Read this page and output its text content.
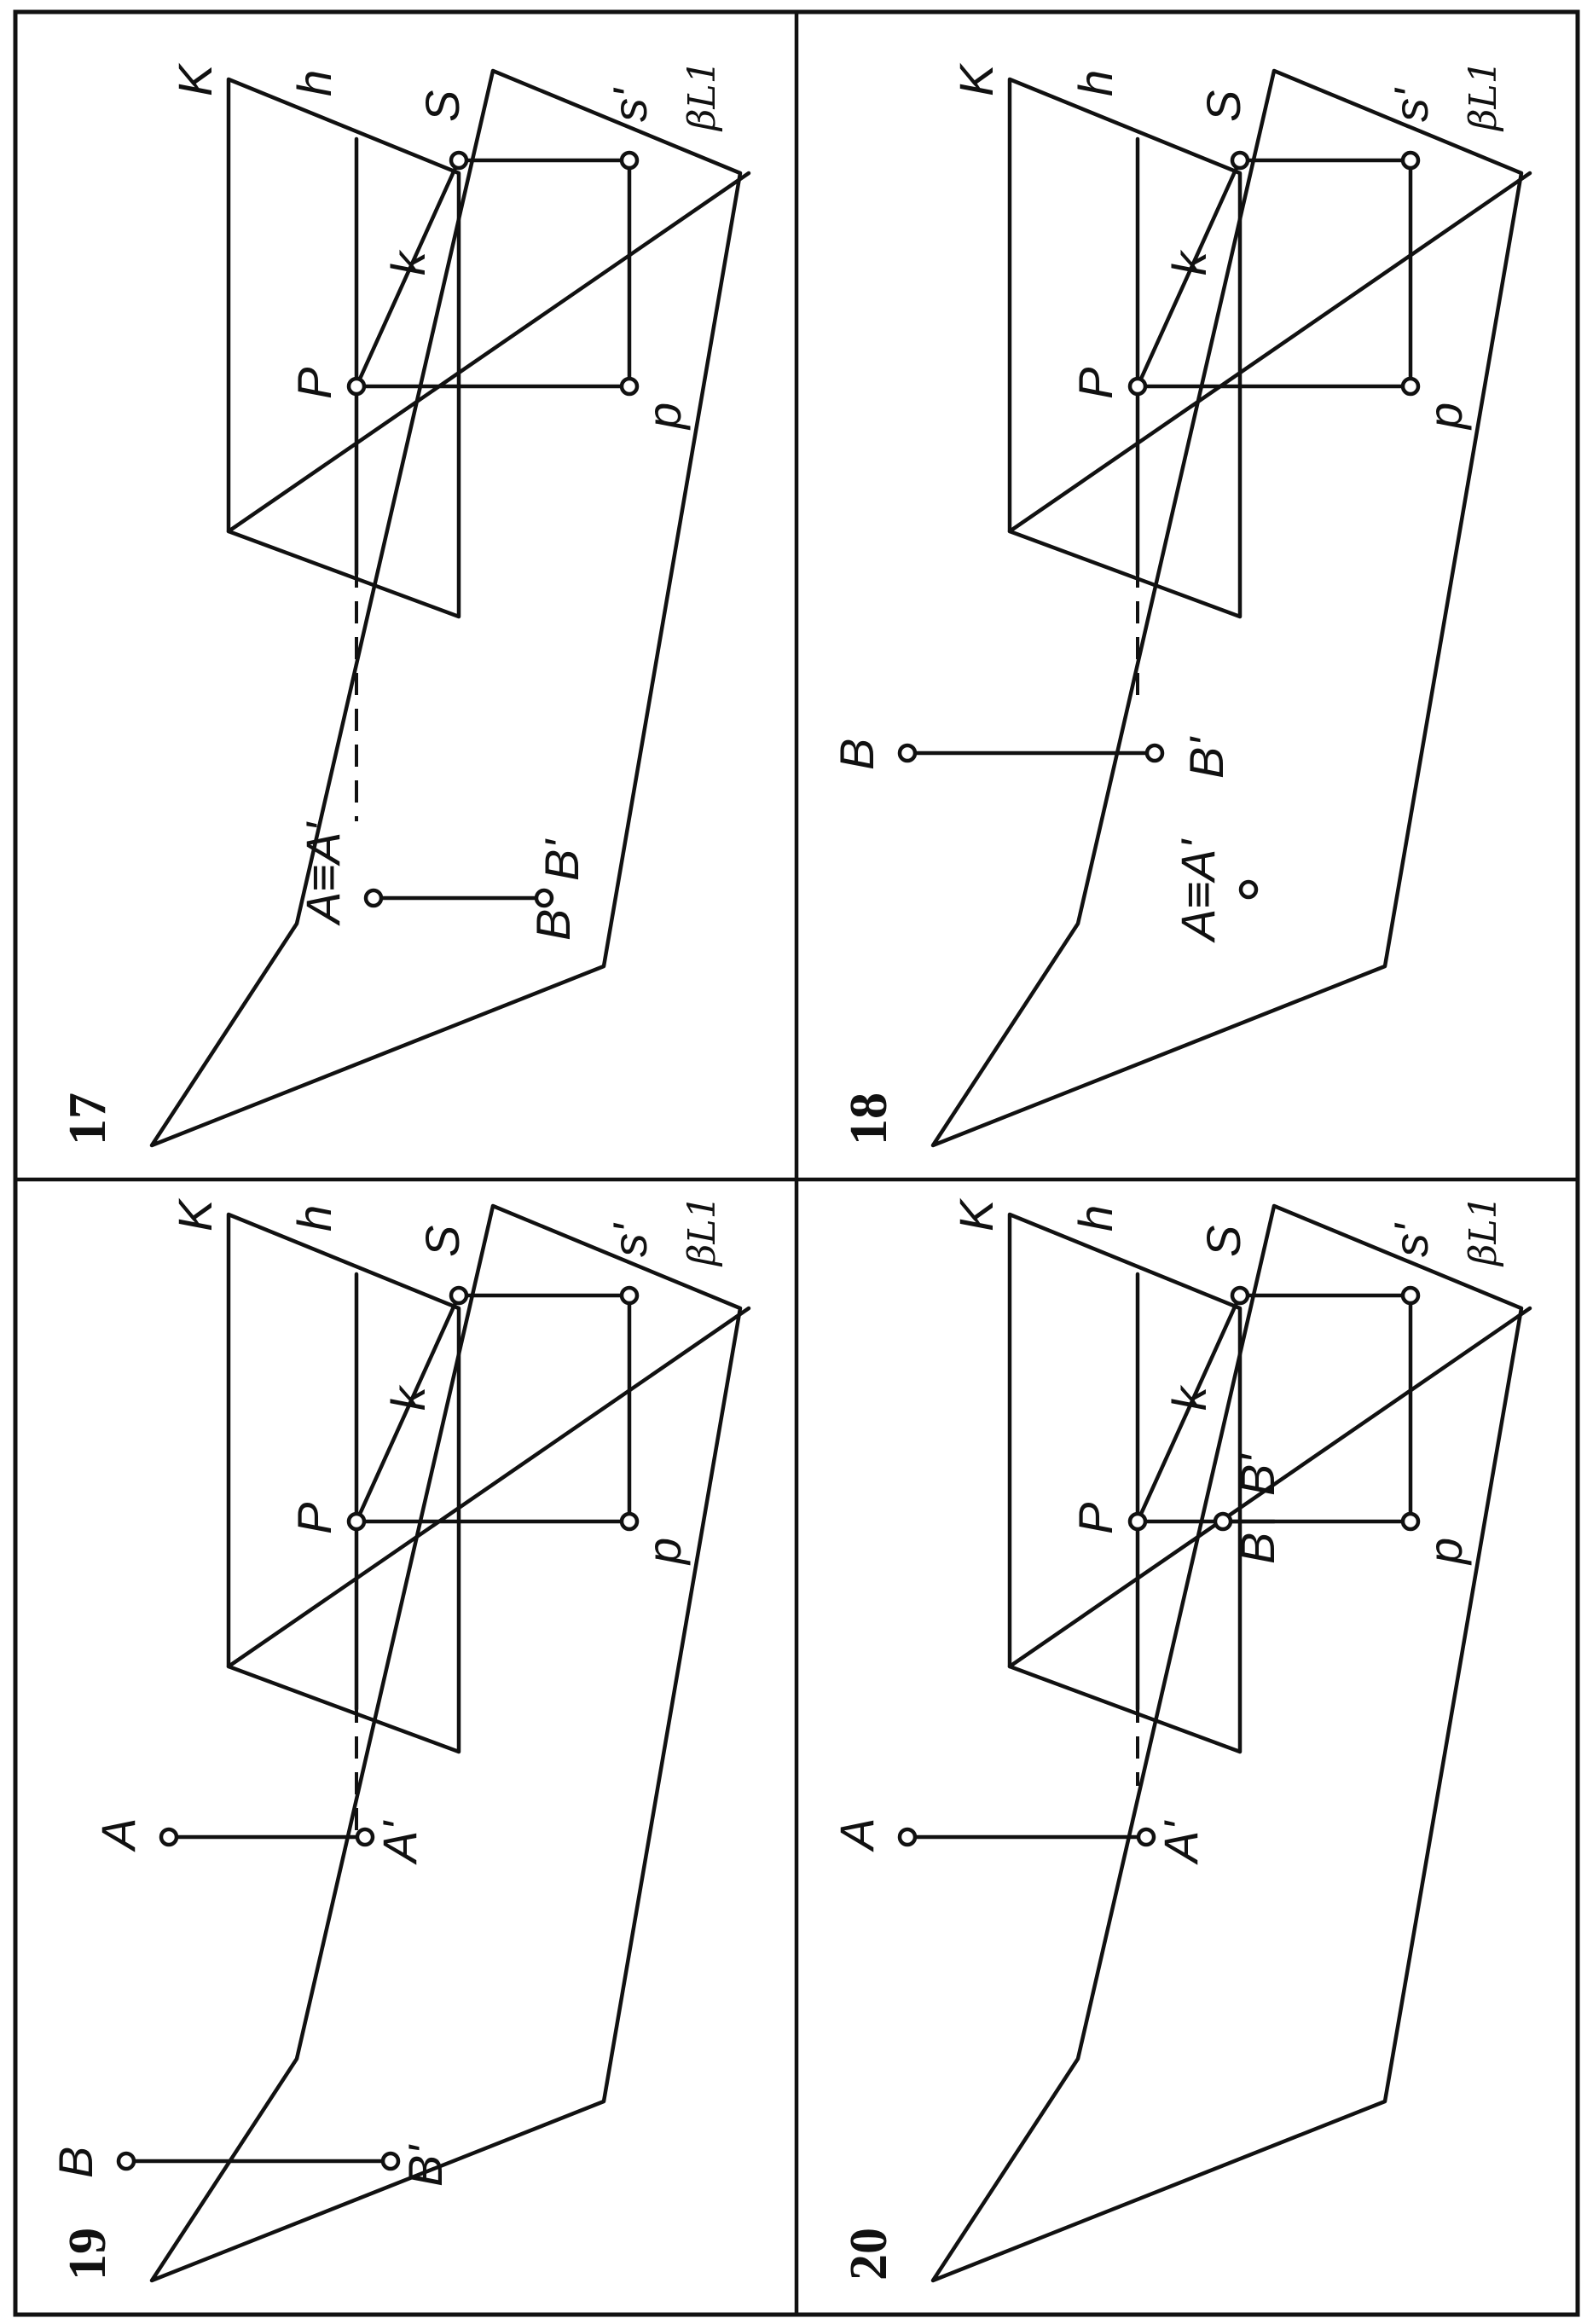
17
S	s'
P
p
K
k
h
A≡A'
B
B'
βL1
18
S	s'
P
p
K
k
h
A≡A'
B	B'
βL1
19
S	s'
P
p
K
k
h
A	A'
B	B'
βL1
20
S	s'
P
p
K
k
h
A	A'
B
B'
βL1
